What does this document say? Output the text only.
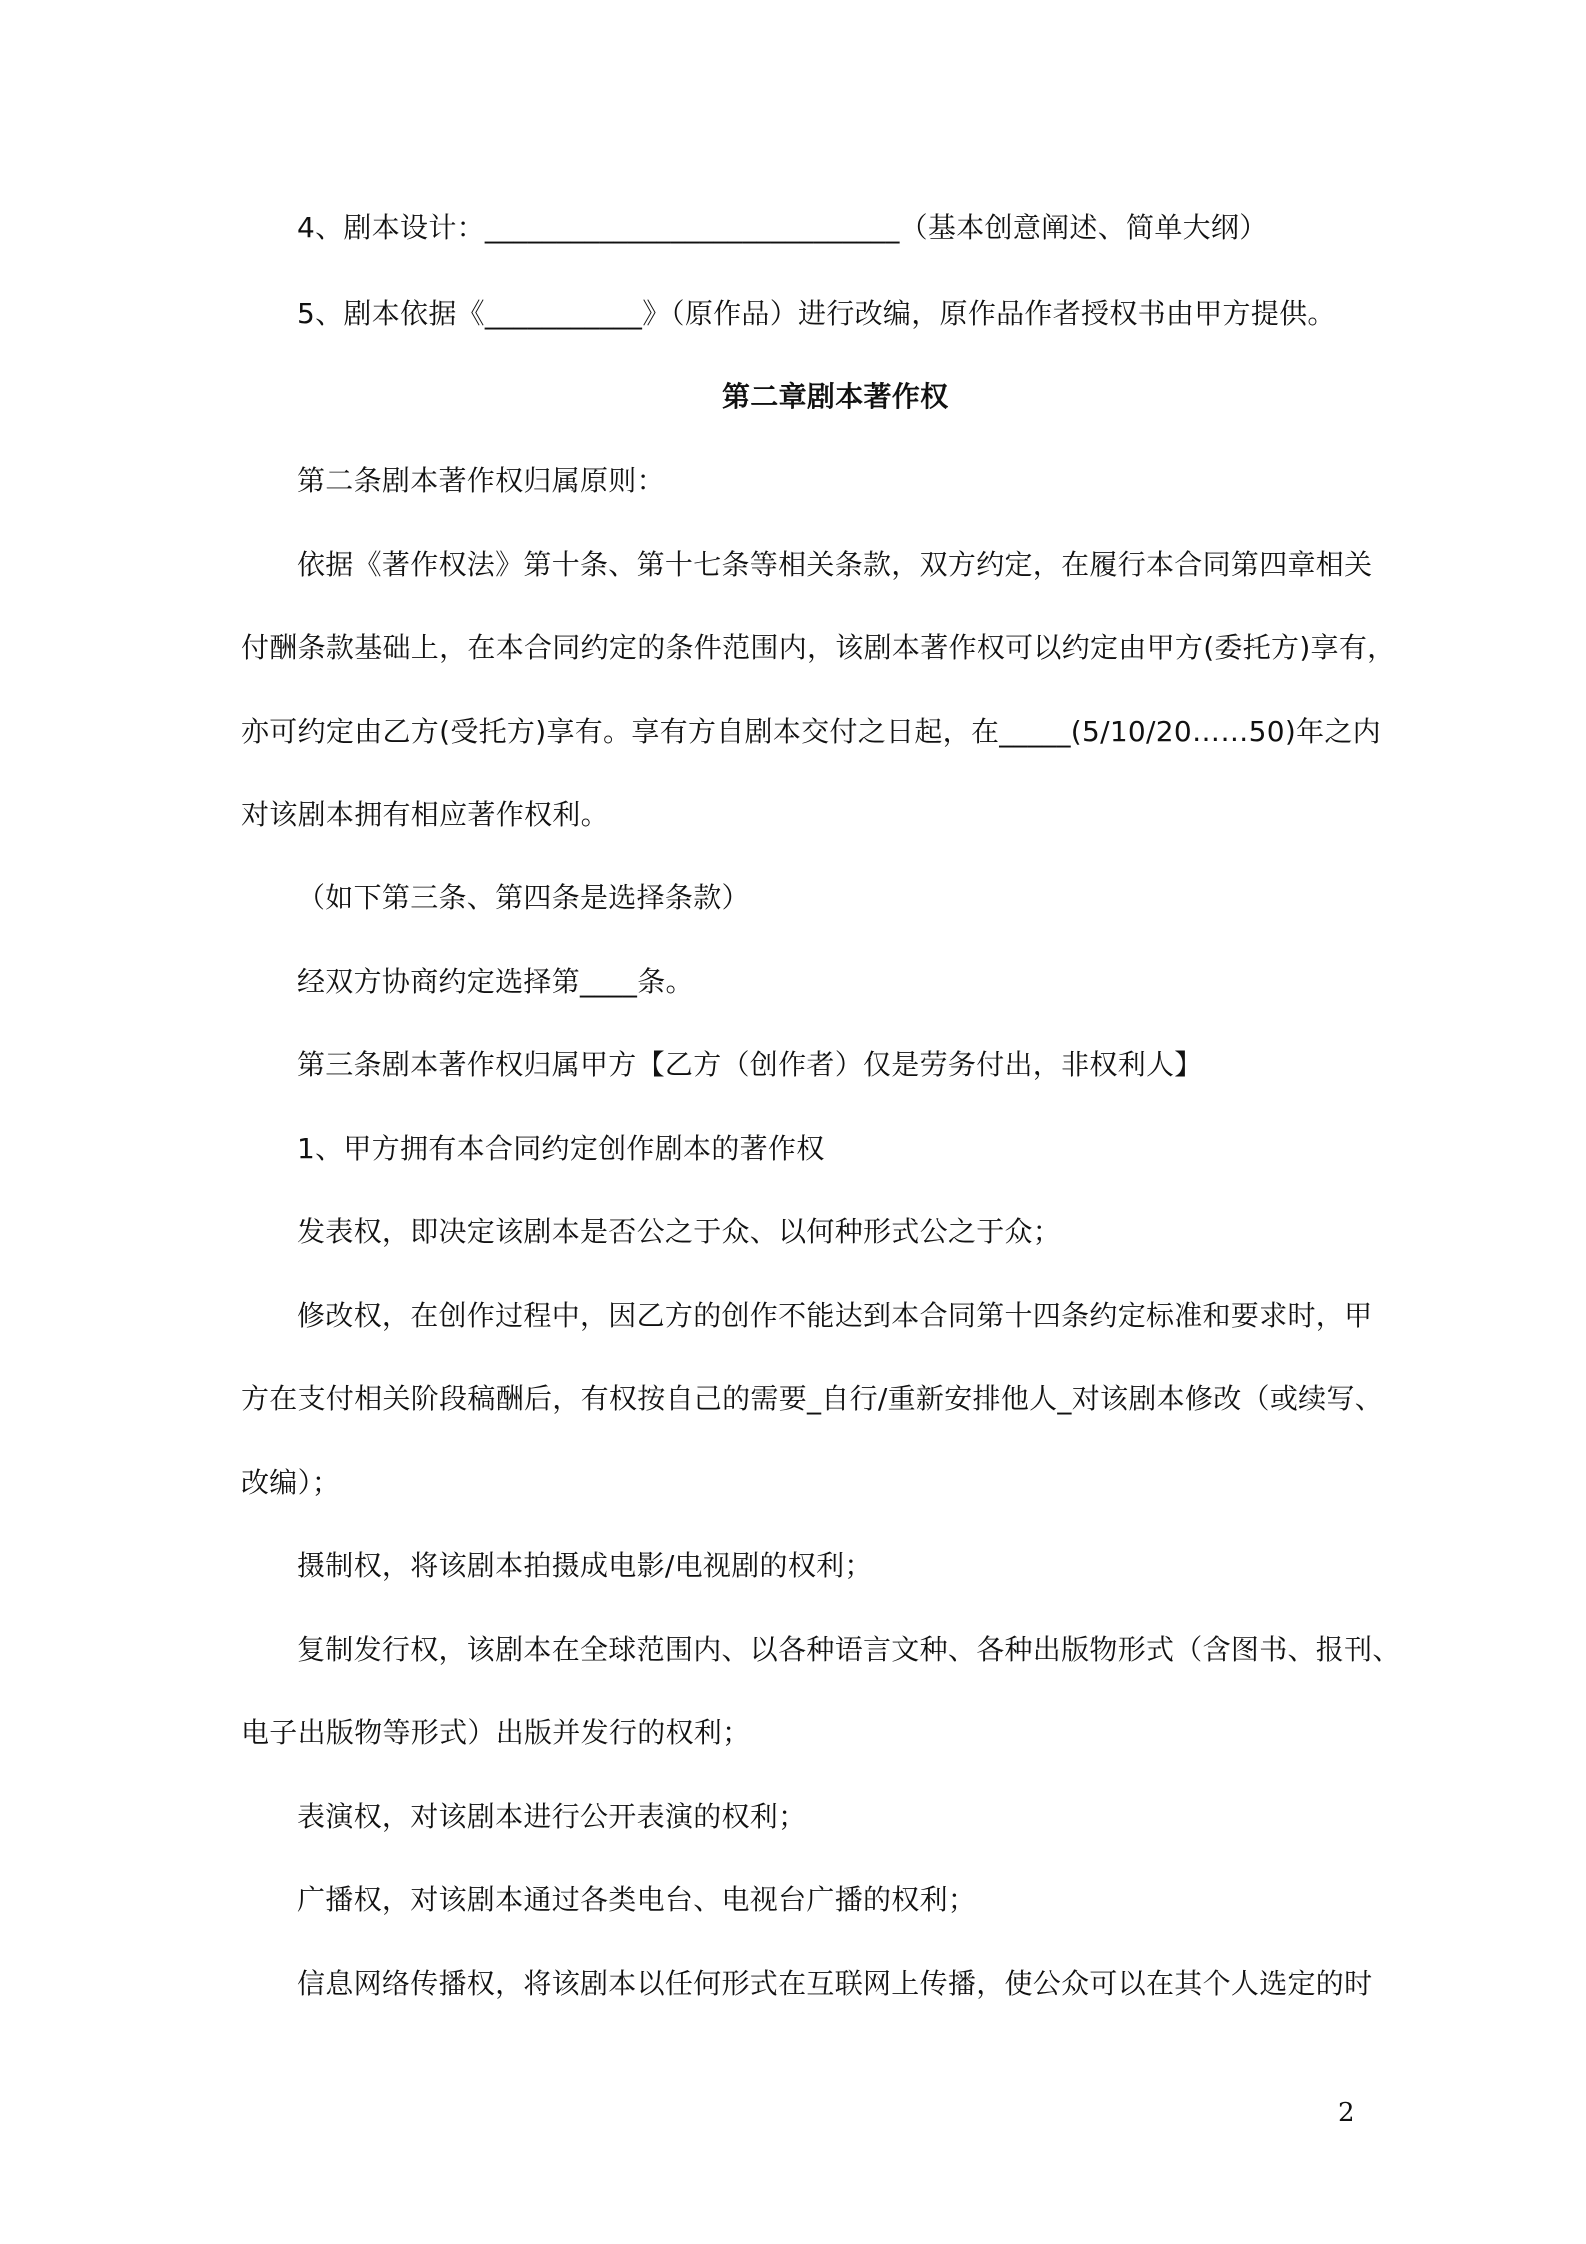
4、剧本设计：_____________________________（基本创意阐述、简单大纲）
5、剧本依据《___________》（原作品）进行改编，原作品作者授权书由甲方提供。
第二章剧本著作权
第二条剧本著作权归属原则：
依据《著作权法》第十条、第十七条等相关条款，双方约定，在履行本合同第四章相关
付酬条款基础上，在本合同约定的条件范围内，该剧本著作权可以约定由甲方(委托方)享有，
亦可约定由乙方(受托方)享有。享有方自剧本交付之日起，在_____(5/10/20……50)年之内
对该剧本拥有相应著作权利。
（如下第三条、第四条是选择条款）
经双方协商约定选择第____条。
第三条剧本著作权归属甲方【乙方（创作者）仅是劳务付出，非权利人】
1、甲方拥有本合同约定创作剧本的著作权
发表权，即决定该剧本是否公之于众、以何种形式公之于众；
修改权，在创作过程中，因乙方的创作不能达到本合同第十四条约定标准和要求时，甲
方在支付相关阶段稿酬后，有权按自己的需要_自行/重新安排他人_对该剧本修改（或续写、
改编）；
摄制权，将该剧本拍摄成电影/电视剧的权利；
复制发行权，该剧本在全球范围内、以各种语言文种、各种出版物形式（含图书、报刊、
电子出版物等形式）出版并发行的权利；
表演权，对该剧本进行公开表演的权利；
广播权，对该剧本通过各类电台、电视台广播的权利；
信息网络传播权，将该剧本以任何形式在互联网上传播，使公众可以在其个人选定的时
2
